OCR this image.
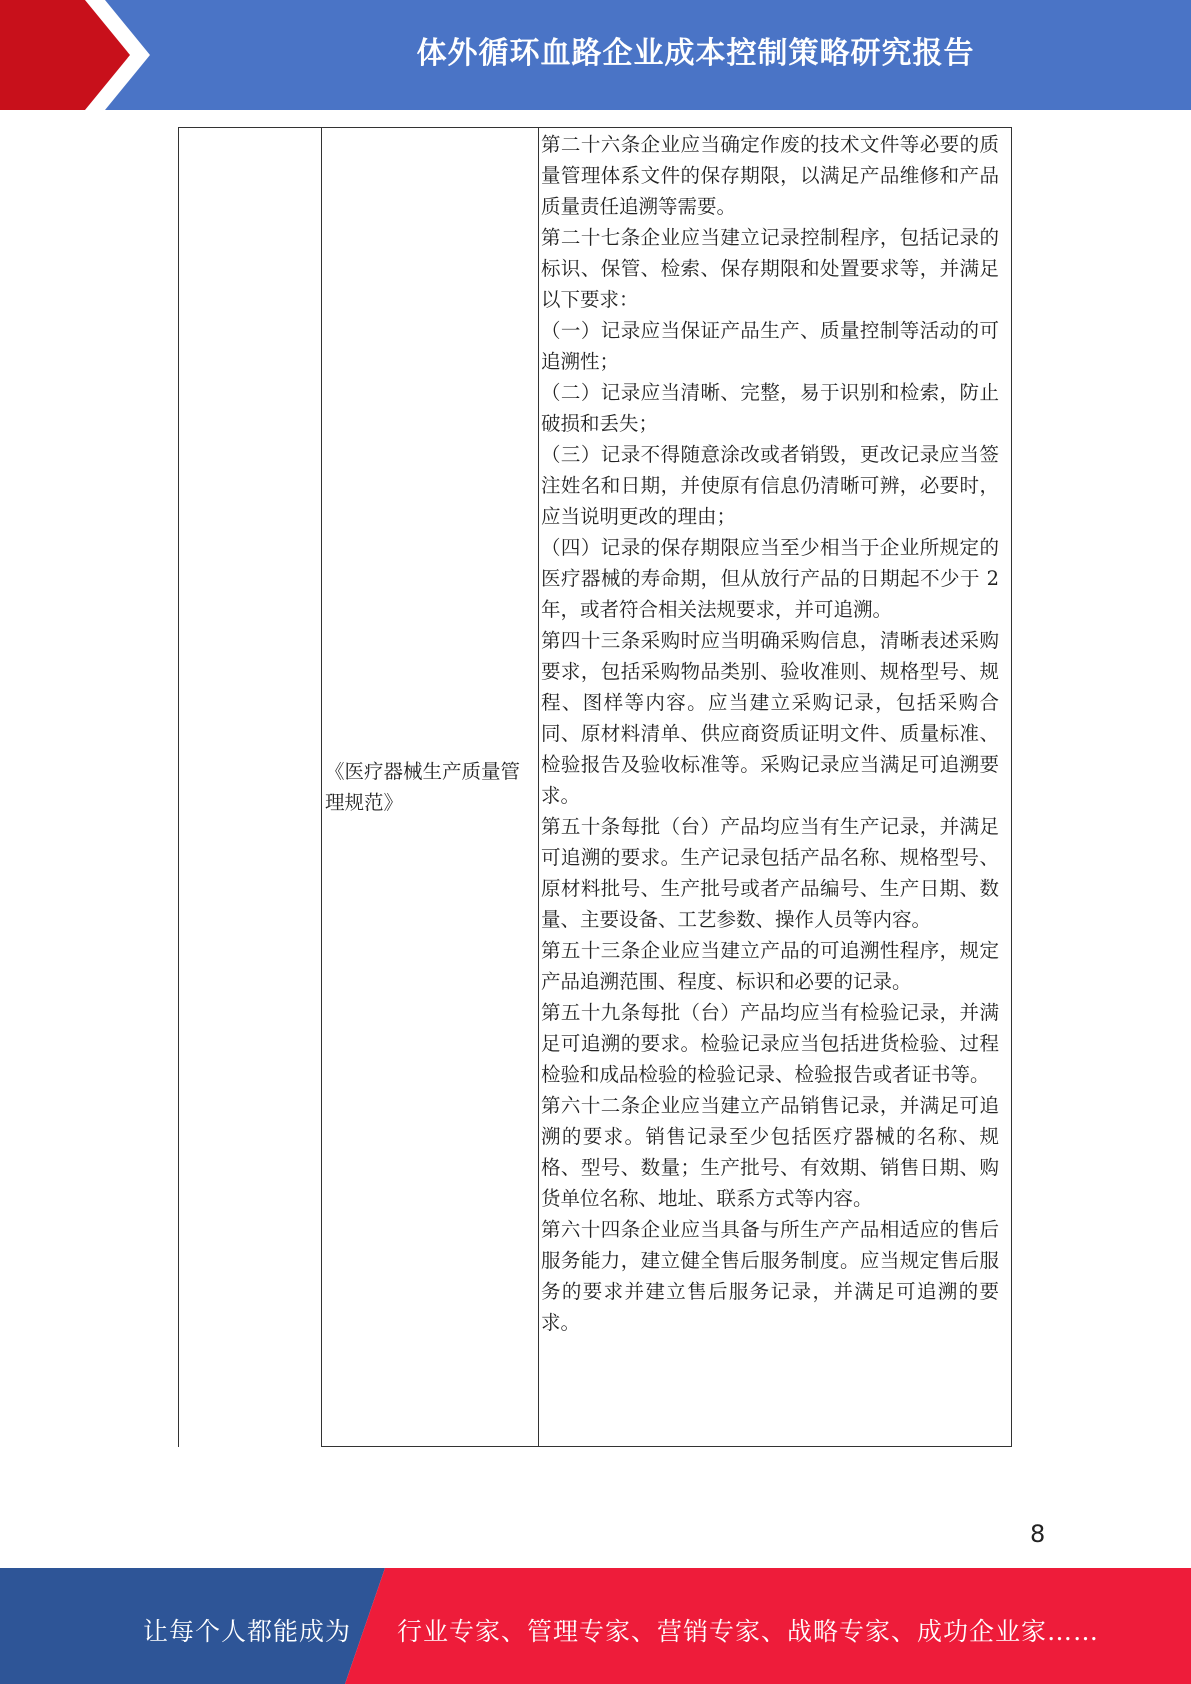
体外循环血路企业成本控制策略研究报告
	《医疗器械生产质量管理规范》	

第二十六条企业应当确定作废的技术文件等必要的质量管理体系文件的保存期限，以满足产品维修和产品质量责任追溯等需要。

第二十七条企业应当建立记录控制程序，包括记录的标识、保管、检索、保存期限和处置要求等，并满足以下要求：

（一）记录应当保证产品生产、质量控制等活动的可追溯性；

（二）记录应当清晰、完整，易于识别和检索，防止破损和丢失；

（三）记录不得随意涂改或者销毁，更改记录应当签注姓名和日期，并使原有信息仍清晰可辨，必要时，应当说明更改的理由；

（四）记录的保存期限应当至少相当于企业所规定的医疗器械的寿命期，但从放行产品的日期起不少于 2 年，或者符合相关法规要求，并可追溯。

第四十三条采购时应当明确采购信息，清晰表述采购要求，包括采购物品类别、验收准则、规格型号、规程、图样等内容。应当建立采购记录，包括采购合同、原材料清单、供应商资质证明文件、质量标准、检验报告及验收标准等。采购记录应当满足可追溯要求。

第五十条每批（台）产品均应当有生产记录，并满足可追溯的要求。生产记录包括产品名称、规格型号、原材料批号、生产批号或者产品编号、生产日期、数量、主要设备、工艺参数、操作人员等内容。

第五十三条企业应当建立产品的可追溯性程序，规定产品追溯范围、程度、标识和必要的记录。

第五十九条每批（台）产品均应当有检验记录，并满足可追溯的要求。检验记录应当包括进货检验、过程检验和成品检验的检验记录、检验报告或者证书等。

第六十二条企业应当建立产品销售记录，并满足可追溯的要求。销售记录至少包括医疗器械的名称、规格、型号、数量；生产批号、有效期、销售日期、购货单位名称、地址、联系方式等内容。

第六十四条企业应当具备与所生产产品相适应的售后服务能力，建立健全售后服务制度。应当规定售后服务的要求并建立售后服务记录，并满足可追溯的要求。

8
让每个人都能成为 行业专家、管理专家、营销专家、战略专家、成功企业家……
